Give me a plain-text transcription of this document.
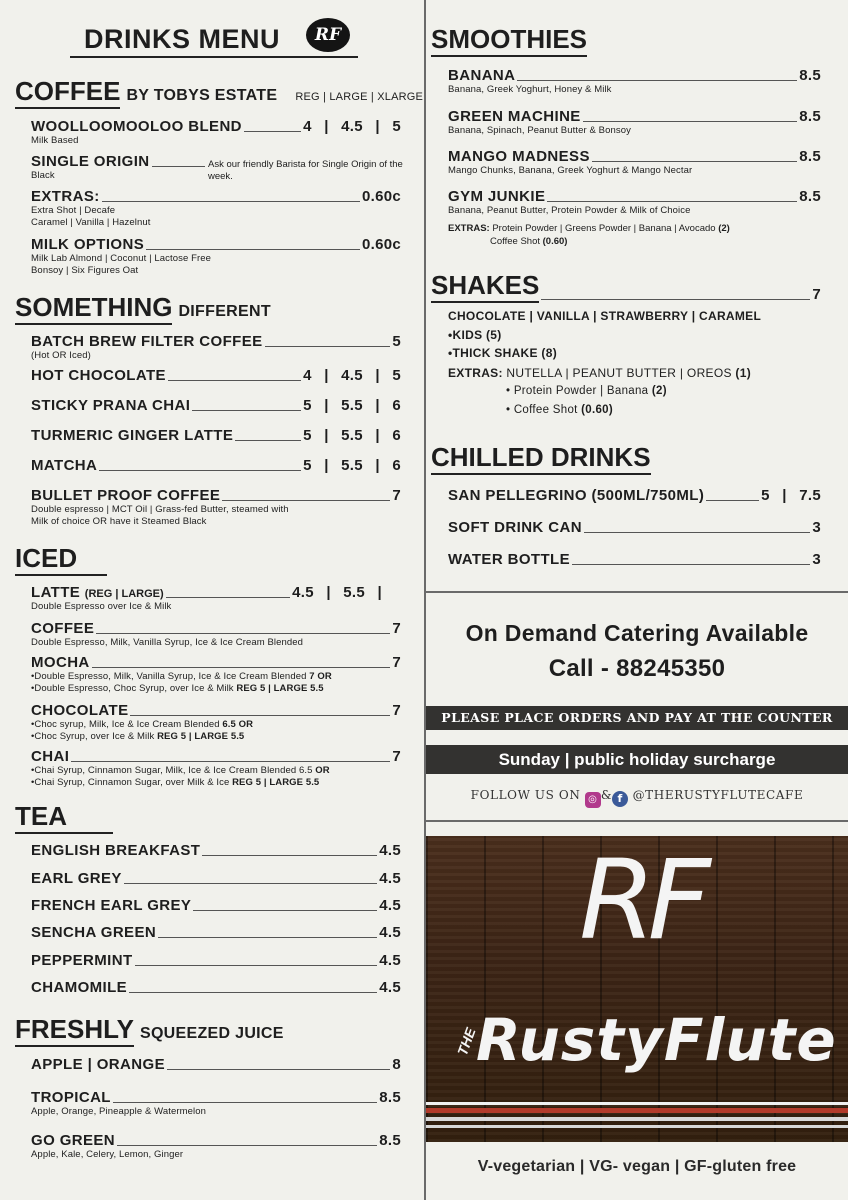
DRINKS MENU	RF
COFFEE BY TOBYS ESTATE REG | LARGE | XLARGE
WOOLLOOMOOLOO BLEND	4 | 4.5 | 5
Milk Based
SINGLE ORIGIN
Black
Ask our friendly Barista for Single Origin of the week.
EXTRAS:	0.60c
Extra Shot | Decafe
Caramel | Vanilla | Hazelnut
MILK OPTIONS	0.60c
Milk Lab Almond | Coconut | Lactose Free
Bonsoy | Six Figures Oat
SOMETHING DIFFERENT
BATCH BREW FILTER COFFEE	5
(Hot OR Iced)
HOT CHOCOLATE	4 | 4.5 | 5
STICKY PRANA CHAI	5 | 5.5 | 6
TURMERIC GINGER LATTE	5 | 5.5 | 6
MATCHA	5 | 5.5 | 6
BULLET PROOF COFFEE	7
Double espresso | MCT Oil | Grass-fed Butter, steamed with
Milk of choice OR have it Steamed Black
ICED
LATTE (REG | LARGE)	4.5 | 5.5 |
Double Espresso over Ice & Milk
COFFEE	7
Double Espresso, Milk, Vanilla Syrup, Ice & Ice Cream Blended
MOCHA	7
•Double Espresso, Milk, Vanilla Syrup, Ice & Ice Cream Blended 7 OR
•Double Espresso, Choc Syrup, over Ice & Milk REG 5 | LARGE 5.5
CHOCOLATE	7
•Choc syrup, Milk, Ice & Ice Cream Blended 6.5 OR
•Choc Syrup, over Ice & Milk REG 5 | LARGE 5.5
CHAI	7
•Chai Syrup, Cinnamon Sugar, Milk, Ice & Ice Cream Blended 6.5 OR
•Chai Syrup, Cinnamon Sugar, over Milk & Ice REG 5 | LARGE 5.5
TEA
ENGLISH BREAKFAST	4.5
EARL GREY	4.5
FRENCH EARL GREY	4.5
SENCHA GREEN	4.5
PEPPERMINT	4.5
CHAMOMILE	4.5
FRESHLY SQUEEZED JUICE
APPLE | ORANGE	8
TROPICAL	8.5
Apple, Orange, Pineapple & Watermelon
GO GREEN	8.5
Apple, Kale, Celery, Lemon, Ginger
SMOOTHIES
BANANA	8.5
Banana, Greek Yoghurt, Honey & Milk
GREEN MACHINE	8.5
Banana, Spinach, Peanut Butter & Bonsoy
MANGO MADNESS	8.5
Mango Chunks, Banana, Greek Yoghurt & Mango Nectar
GYM JUNKIE	8.5
Banana, Peanut Butter, Protein Powder & Milk of Choice
EXTRAS: Protein Powder | Greens Powder | Banana | Avocado (2)
Coffee Shot (0.60)
SHAKES	7
CHOCOLATE | VANILLA | STRAWBERRY | CARAMEL
•KIDS (5)
•THICK SHAKE (8)
EXTRAS: NUTELLA | PEANUT BUTTER | OREOS (1)
• Protein Powder | Banana (2)
• Coffee Shot (0.60)
CHILLED DRINKS
SAN PELLEGRINO (500ML/750ML)	5 | 7.5
SOFT DRINK CAN	3
WATER BOTTLE	3
On Demand Catering Available
Call - 88245350
PLEASE PLACE ORDERS AND PAY AT THE COUNTER
Sunday | public holiday surcharge
FOLLOW US ON ◎ & f @THERUSTYFLUTECAFE
RF
THE
RustyFlute
V-vegetarian | VG- vegan | GF-gluten free
